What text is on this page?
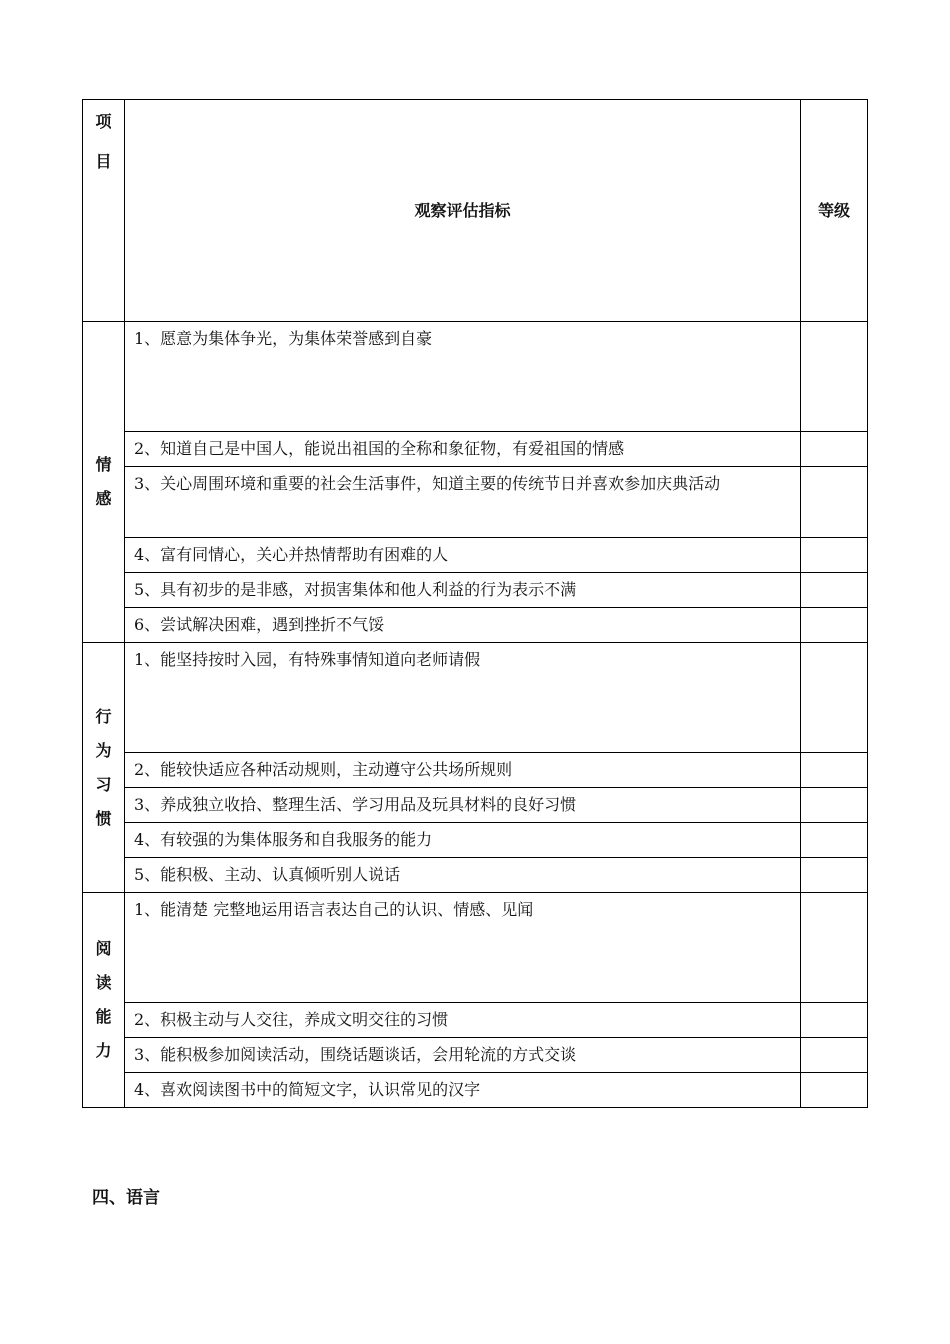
项
目	观察评估指标	等级

情
感	1、愿意为集体争光，为集体荣誉感到自豪	
	2、知道自己是中国人，能说出祖国的全称和象征物，有爱祖国的情感	
	3、关心周围环境和重要的社会生活事件，知道主要的传统节日并喜欢参加庆典活动	
	4、富有同情心，关心并热情帮助有困难的人	
	5、具有初步的是非感，对损害集体和他人利益的行为表示不满	
	6、尝试解决困难，遇到挫折不气馁	

行
为
习
惯	1、能坚持按时入园，有特殊事情知道向老师请假	
	2、能较快适应各种活动规则，主动遵守公共场所规则	
	3、养成独立收拾、整理生活、学习用品及玩具材料的良好习惯	
	4、有较强的为集体服务和自我服务的能力	
	5、能积极、主动、认真倾听别人说话	

阅
读
能
力	1、能清楚 完整地运用语言表达自己的认识、情感、见闻	
	2、积极主动与人交往，养成文明交往的习惯	
	3、能积极参加阅读活动，围绕话题谈话，会用轮流的方式交谈	
	4、喜欢阅读图书中的简短文字，认识常见的汉字	
四、语言
